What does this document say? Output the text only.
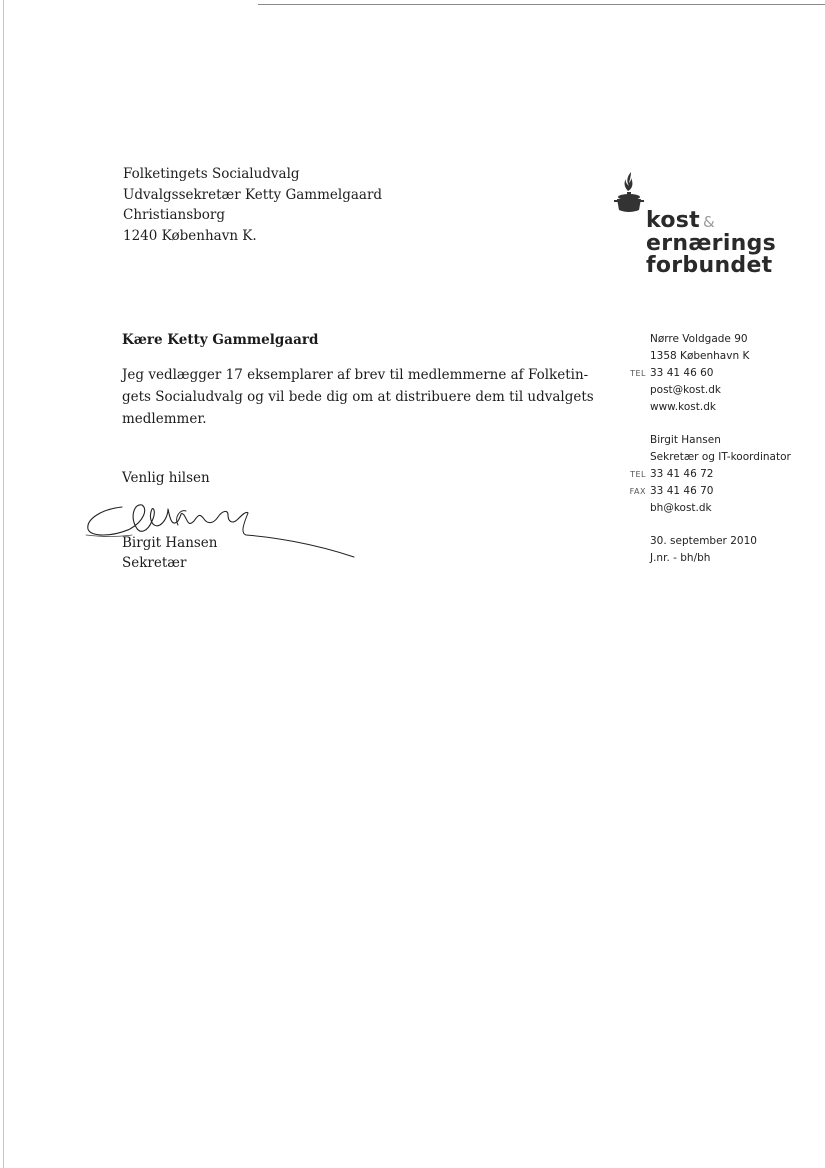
Folketingets Socialudvalg
Udvalgssekretær Ketty Gammelgaard
Christiansborg
1240 København K.
kost &
ernærings
forbundet
Kære Ketty Gammelgaard
Jeg vedlægger 17 eksemplarer af brev til medlemmerne af Folketin-
gets Socialudvalg og vil bede dig om at distribuere dem til udvalgets
medlemmer.
Venlig hilsen
Birgit Hansen
Sekretær
Nørre Voldgade 90
1358 København K
TEL 33 41 46 60
post@kost.dk
www.kost.dk
Birgit Hansen
Sekretær og IT-koordinator
TEL 33 41 46 72
FAX 33 41 46 70
bh@kost.dk
30. september 2010
J.nr. - bh/bh
